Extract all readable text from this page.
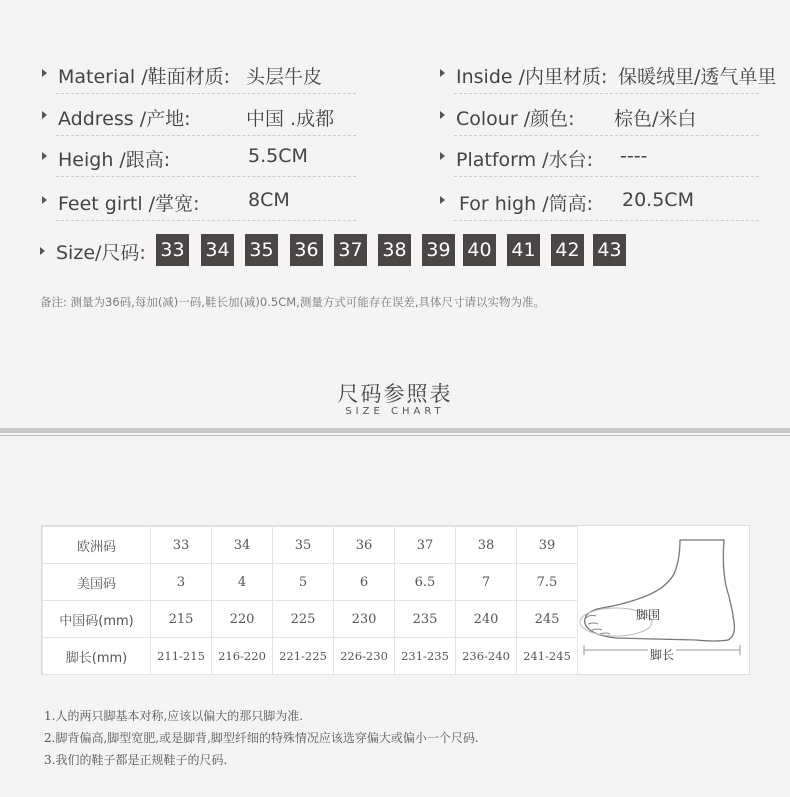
Material /鞋面材质: 头层牛皮	Inside /内里材质: 保暖绒里/透气单里
Address /产地:	中国 .成都	Colour /颜色: 棕色/米白
Heigh /跟高:	5.5CM	Platform /水台: ----
Feet girtl /掌宽:	8CM	For high /筒高: 20.5CM
Size/尺码: 33 34 35 36 37 38 39 40 41 42 43
备注: 测量为36码,每加(减)一码,鞋长加(减)0.5CM,测量方式可能存在误差,具体尺寸请以实物为准。
尺码参照表
SIZE CHART
欧洲码	33	34	35	36	37	38	39
美国码	3	4	5	6	6.5	7	7.5
中国码(mm)	215	220	225	230	235	240	245
脚长(mm)	211-215	216-220	221-225	226-230	231-235	236-240	241-245
脚围
脚长
1.人的两只脚基本对称,应该以偏大的那只脚为准.
2.脚背偏高,脚型宽肥,或是脚背,脚型纤细的特殊情况应该选穿偏大或偏小一个尺码.
3.我们的鞋子都是正规鞋子的尺码.
